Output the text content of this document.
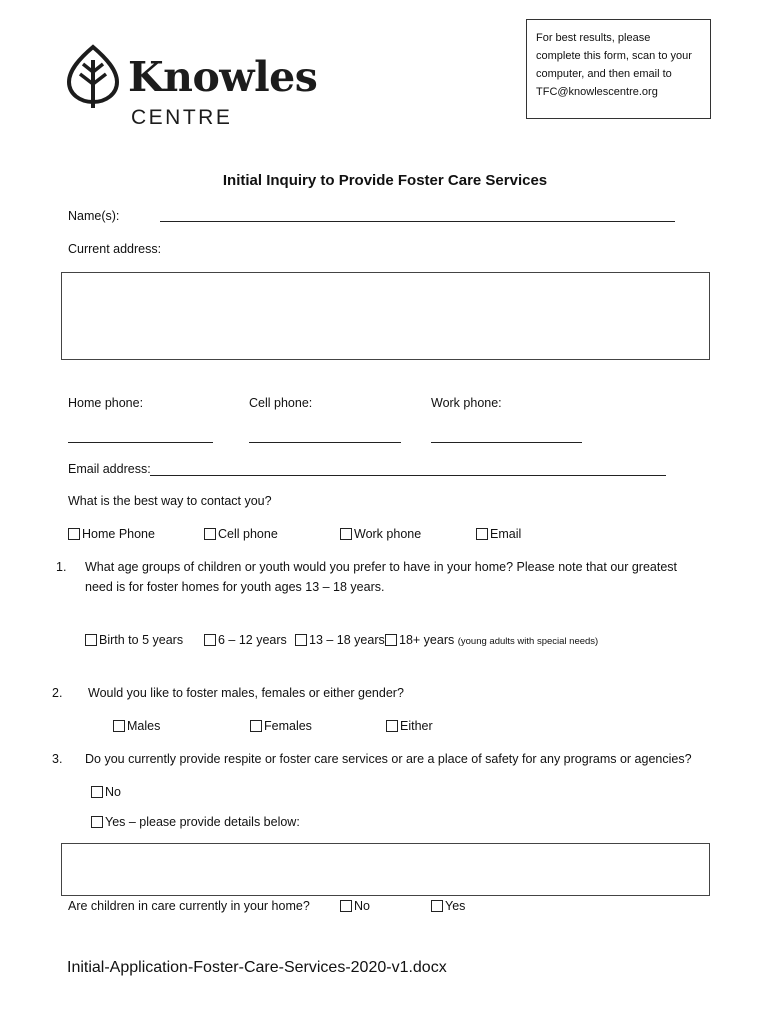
Knowles
CENTRE
For best results, please
complete this form, scan to your
computer, and then email to
TFC@knowlescentre.org
Initial Inquiry to Provide Foster Care Services
Name(s):
Current address:
Home phone:	Cell phone:	Work phone:
Email address:
What is the best way to contact you?
Home Phone	Cell phone	Work phone	Email
1. What age groups of children or youth would you prefer to have in your home? Please note that our greatest
need is for foster homes for youth ages 13 – 18 years.
Birth to 5 years	6 – 12 years	13 – 18 years	18+ years (young adults with special needs)
2. Would you like to foster males, females or either gender?
Males	Females	Either
3. Do you currently provide respite or foster care services or are a place of safety for any programs or agencies?
No
Yes – please provide details below:
Are children in care currently in your home?	No	Yes
Initial-Application-Foster-Care-Services-2020-v1.docx
